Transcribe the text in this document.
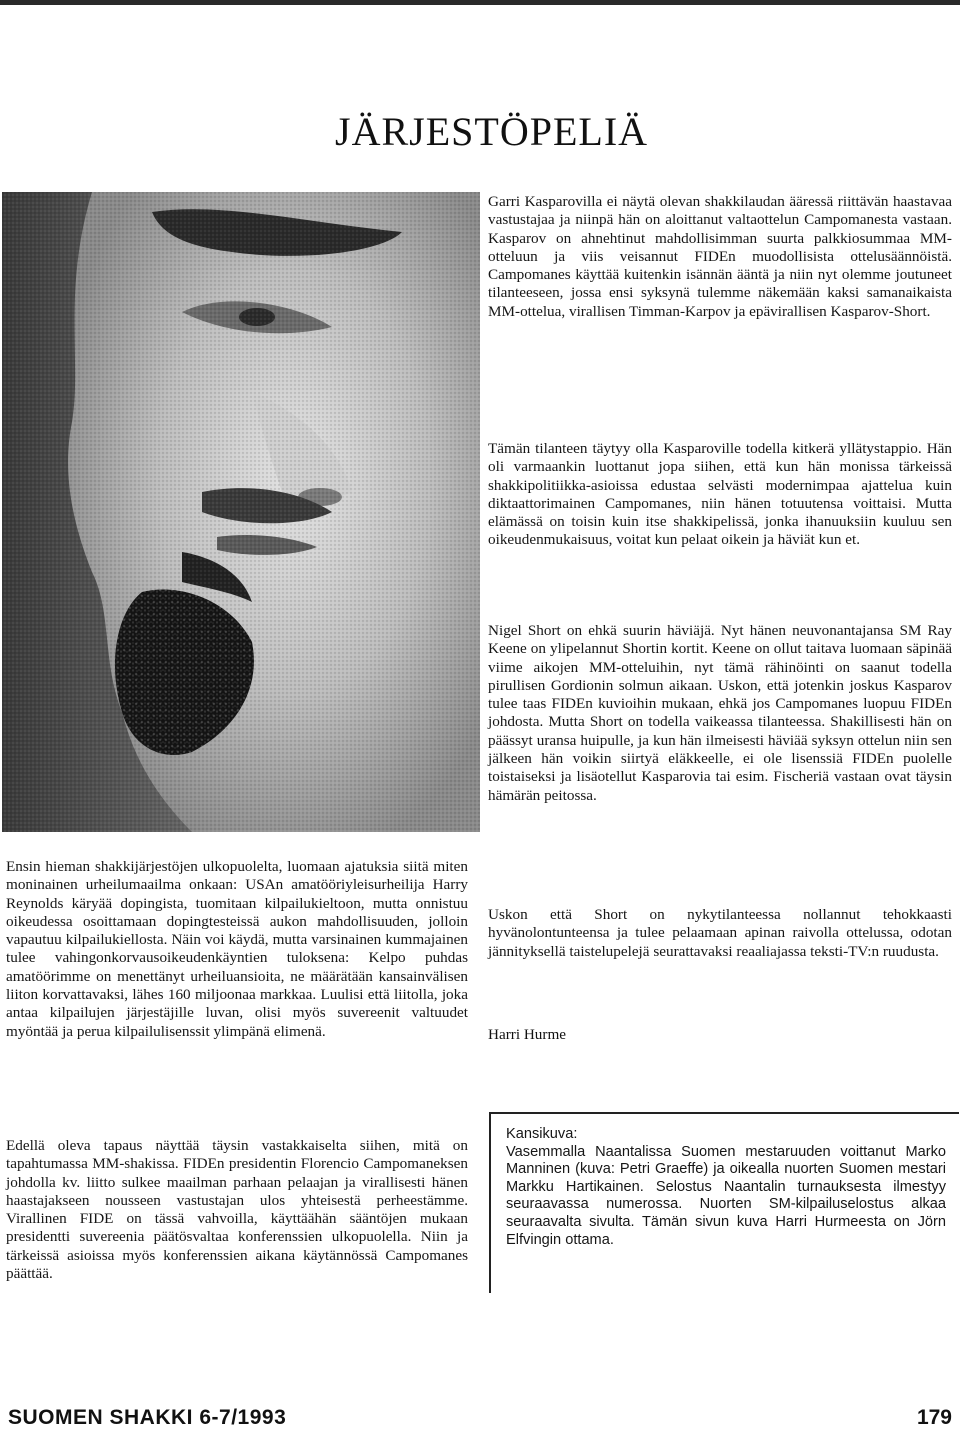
JÄRJESTÖPELIÄ

Garri Kasparovilla ei näytä olevan shakkilaudan ääressä riittävän haastavaa vastustajaa ja niinpä hän on aloittanut valtaottelun Campomanesta vastaan. Kasparov on ahnehtinut mahdollisimman suurta palkkiosummaa MM-otteluun ja viis veisannut FIDEn muodollisista ottelusäännöistä. Campomanes käyttää kuitenkin isännän ääntä ja niin nyt olemme joutuneet tilanteeseen, jossa ensi syksynä tulemme näkemään kaksi samanaikaista MM-ottelua, virallisen Timman-Karpov ja epävirallisen Kasparov-Short.

Tämän tilanteen täytyy olla Kasparoville todella kitkerä yllätystappio. Hän oli varmaankin luottanut jopa siihen, että kun hän monissa tärkeissä shakkipolitiikka-asioissa edustaa selvästi modernimpaa ajattelua kuin diktaattorimainen Campomanes, niin hänen totuutensa voittaisi. Mutta elämässä on toisin kuin itse shakkipelissä, jonka ihanuuksiin kuuluu sen oikeudenmukaisuus, voitat kun pelaat oikein ja häviät kun et.

Nigel Short on ehkä suurin häviäjä. Nyt hänen neuvonantajansa SM Ray Keene on ylipelannut Shortin kortit. Keene on ollut taitava luomaan säpinää viime aikojen MM-otteluihin, nyt tämä rähinöinti on saanut todella pirullisen Gordionin solmun aikaan. Uskon, että jotenkin joskus Kasparov tulee taas FIDEn kuvioihin mukaan, ehkä jos Campomanes luopuu FIDEn johdosta. Mutta Short on todella vaikeassa tilanteessa. Shakillisesti hän on päässyt uransa huipulle, ja kun hän ilmeisesti häviää syksyn ottelun niin sen jälkeen hän voikin siirtyä eläkkeelle, ei ole lisenssiä FIDEn puolelle toistaiseksi ja lisäotellut Kasparovia tai esim. Fischeriä vastaan ovat täysin hämärän peitossa.

Uskon että Short on nykytilanteessa nollannut tehokkaasti hyvänolontunteensa ja tulee pelaamaan apinan raivolla ottelussa, odotan jännityksellä taistelupelejä seurattavaksi reaaliajassa teksti-TV:n ruudusta.

Harri Hurme

Ensin hieman shakkijärjestöjen ulkopuolelta, luomaan ajatuksia siitä miten moninainen urheilumaailma onkaan: USAn amatööriyleisurheilija Harry Reynolds käryää dopingista, tuomitaan kilpailukieltoon, mutta onnistuu oikeudessa osoittamaan dopingtesteissä aukon mahdollisuuden, jolloin vapautuu kilpailukiellosta. Näin voi käydä, mutta varsinainen kummajainen tulee vahingonkorvausoikeudenkäyntien tuloksena: Kelpo puhdas amatöörimme on menettänyt urheiluansioita, ne määrätään kansainvälisen liiton korvattavaksi, lähes 160 miljoonaa markkaa. Luulisi että liitolla, joka antaa kilpailujen järjestäjille luvan, olisi myös suvereenit valtuudet myöntää ja perua kilpailulisenssit ylimpänä elimenä.

Edellä oleva tapaus näyttää täysin vastakkaiselta siihen, mitä on tapahtumassa MM-shakissa. FIDEn presidentin Florencio Campomaneksen johdolla kv. liitto sulkee maailman parhaan pelaajan ja virallisesti hänen haastajakseen nousseen vastustajan ulos yhteisestä perheestämme. Virallinen FIDE on tässä vahvoilla, käyttäähän sääntöjen mukaan presidentti suvereenia päätösvaltaa konferenssien ulkopuolella. Niin ja tärkeissä asioissa myös konferenssien aikana käytännössä Campomanes päättää.

Kansikuva:
Vasemmalla Naantalissa Suomen mestaruuden voittanut Marko Manninen (kuva: Petri Graeffe) ja oikealla nuorten Suomen mestari Markku Hartikainen. Selostus Naantalin turnauksesta ilmestyy seuraavassa numerossa. Nuorten SM-kilpailuselostus alkaa seuraavalta sivulta. Tämän sivun kuva Harri Hurmeesta on Jörn Elfvingin ottama.
SUOMEN SHAKKI 6-7/1993	179
